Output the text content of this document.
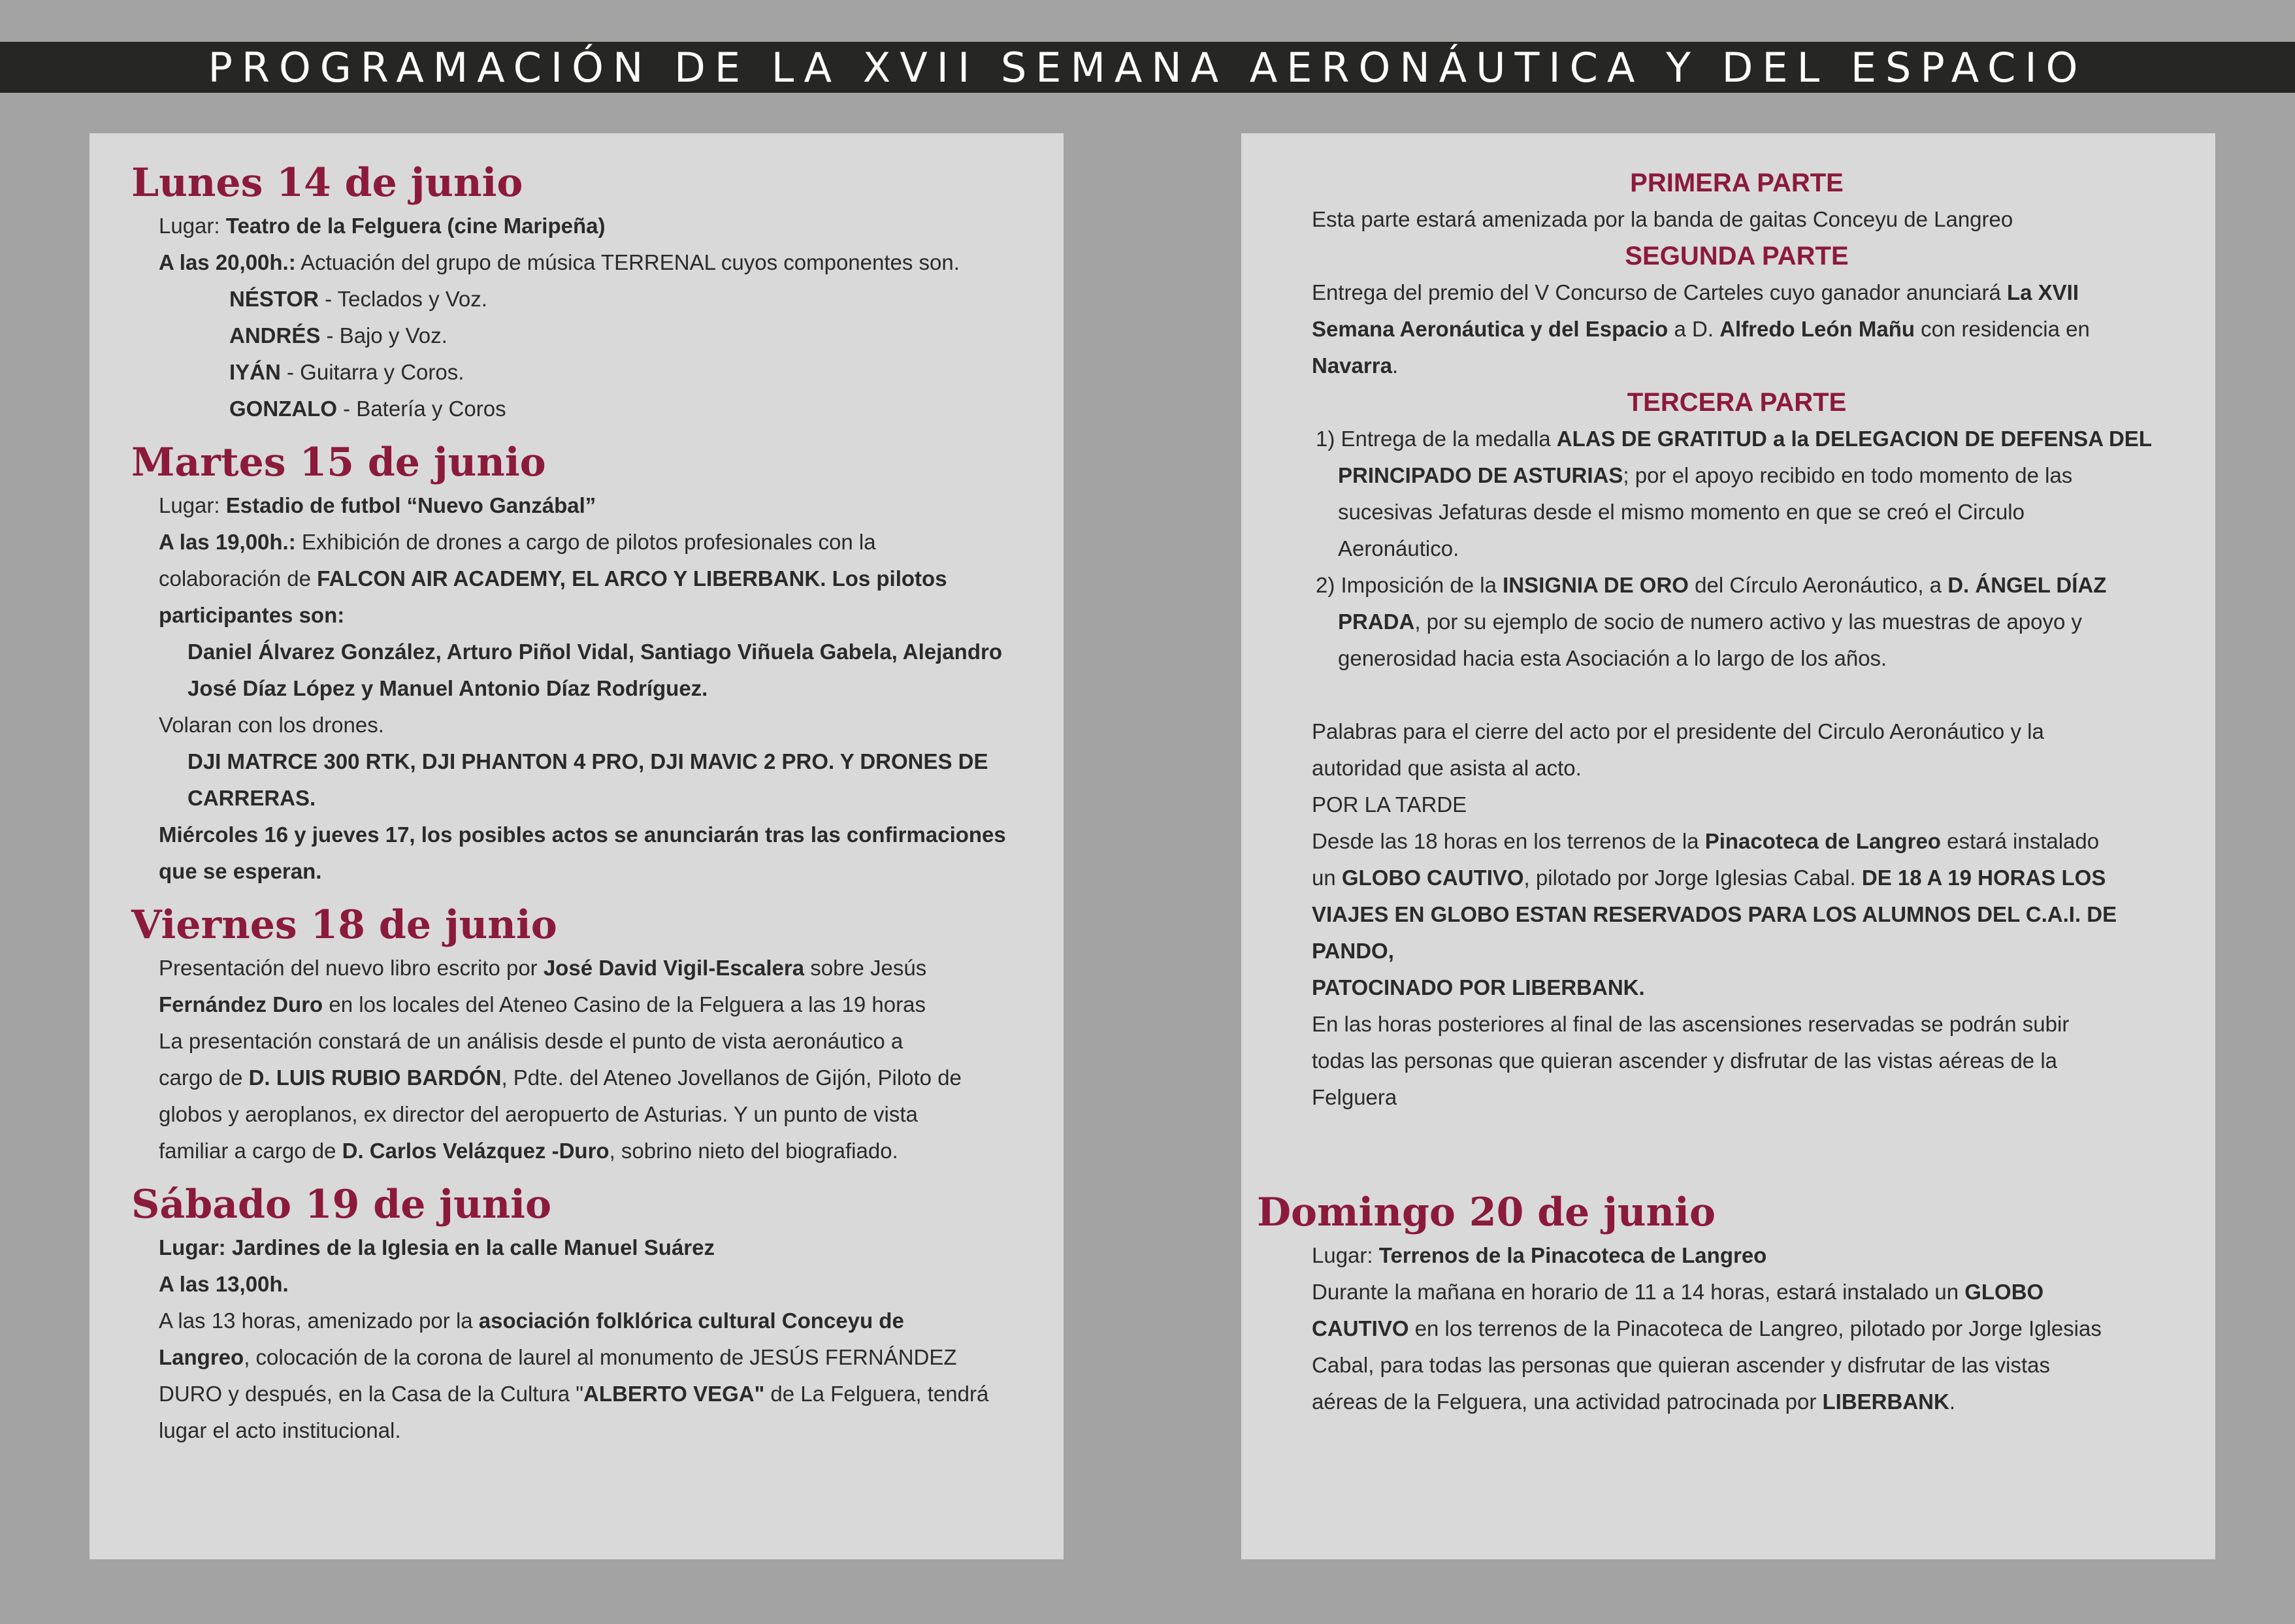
PROGRAMACIÓN DE LA XVII SEMANA AERONÁUTICA Y DEL ESPACIO
Lunes 14 de junio

Lugar: Teatro de la Felguera (cine Maripeña)

A las 20,00h.: Actuación del grupo de música TERRENAL cuyos componentes son.

NÉSTOR - Teclados y Voz.

ANDRÉS - Bajo y Voz.

IYÁN - Guitarra y Coros.

GONZALO - Batería y Coros

Martes 15 de junio

Lugar: Estadio de futbol “Nuevo Ganzábal”

A las 19,00h.: Exhibición de drones a cargo de pilotos profesionales con la

colaboración de FALCON AIR ACADEMY, EL ARCO Y LIBERBANK. Los pilotos

participantes son:

Daniel Álvarez González, Arturo Piñol Vidal, Santiago Viñuela Gabela, Alejandro

José Díaz López y Manuel Antonio Díaz Rodríguez.

Volaran con los drones.

DJI MATRCE 300 RTK, DJI PHANTON 4 PRO, DJI MAVIC 2 PRO. Y DRONES DE

CARRERAS.

Miércoles 16 y jueves 17, los posibles actos se anunciarán tras las confirmaciones

que se esperan.

Viernes 18 de junio

Presentación del nuevo libro escrito por José David Vigil-Escalera sobre Jesús

Fernández Duro en los locales del Ateneo Casino de la Felguera a las 19 horas

La presentación constará de un análisis desde el punto de vista aeronáutico a

cargo de D. LUIS RUBIO BARDÓN, Pdte. del Ateneo Jovellanos de Gijón, Piloto de

globos y aeroplanos, ex director del aeropuerto de Asturias. Y un punto de vista

familiar a cargo de D. Carlos Velázquez -Duro, sobrino nieto del biografiado.

Sábado 19 de junio

Lugar: Jardines de la Iglesia en la calle Manuel Suárez

A las 13,00h.

A las 13 horas, amenizado por la asociación folklórica cultural Conceyu de

Langreo, colocación de la corona de laurel al monumento de JESÚS FERNÁNDEZ

DURO y después, en la Casa de la Cultura "ALBERTO VEGA" de La Felguera, tendrá

lugar el acto institucional.

PRIMERA PARTE

Esta parte estará amenizada por la banda de gaitas Conceyu de Langreo

SEGUNDA PARTE

Entrega del premio del V Concurso de Carteles cuyo ganador anunciará La XVII

Semana Aeronáutica y del Espacio a D. Alfredo León Mañu con residencia en

Navarra.

TERCERA PARTE

1) Entrega de la medalla ALAS DE GRATITUD a la DELEGACION DE DEFENSA DEL

PRINCIPADO DE ASTURIAS; por el apoyo recibido en todo momento de las

sucesivas Jefaturas desde el mismo momento en que se creó el Circulo

Aeronáutico.

2) Imposición de la INSIGNIA DE ORO del Círculo Aeronáutico, a D. ÁNGEL DÍAZ

PRADA, por su ejemplo de socio de numero activo y las muestras de apoyo y

generosidad hacia esta Asociación a lo largo de los años.

Palabras para el cierre del acto por el presidente del Circulo Aeronáutico y la

autoridad que asista al acto.

POR LA TARDE

Desde las 18 horas en los terrenos de la Pinacoteca de Langreo estará instalado

un GLOBO CAUTIVO, pilotado por Jorge Iglesias Cabal. DE 18 A 19 HORAS LOS

VIAJES EN GLOBO ESTAN RESERVADOS PARA LOS ALUMNOS DEL C.A.I. DE PANDO,

PATOCINADO POR LIBERBANK.

En las horas posteriores al final de las ascensiones reservadas se podrán subir

todas las personas que quieran ascender y disfrutar de las vistas aéreas de la

Felguera

Domingo 20 de junio

Lugar: Terrenos de la Pinacoteca de Langreo

Durante la mañana en horario de 11 a 14 horas, estará instalado un GLOBO

CAUTIVO en los terrenos de la Pinacoteca de Langreo, pilotado por Jorge Iglesias

Cabal, para todas las personas que quieran ascender y disfrutar de las vistas

aéreas de la Felguera, una actividad patrocinada por LIBERBANK.
